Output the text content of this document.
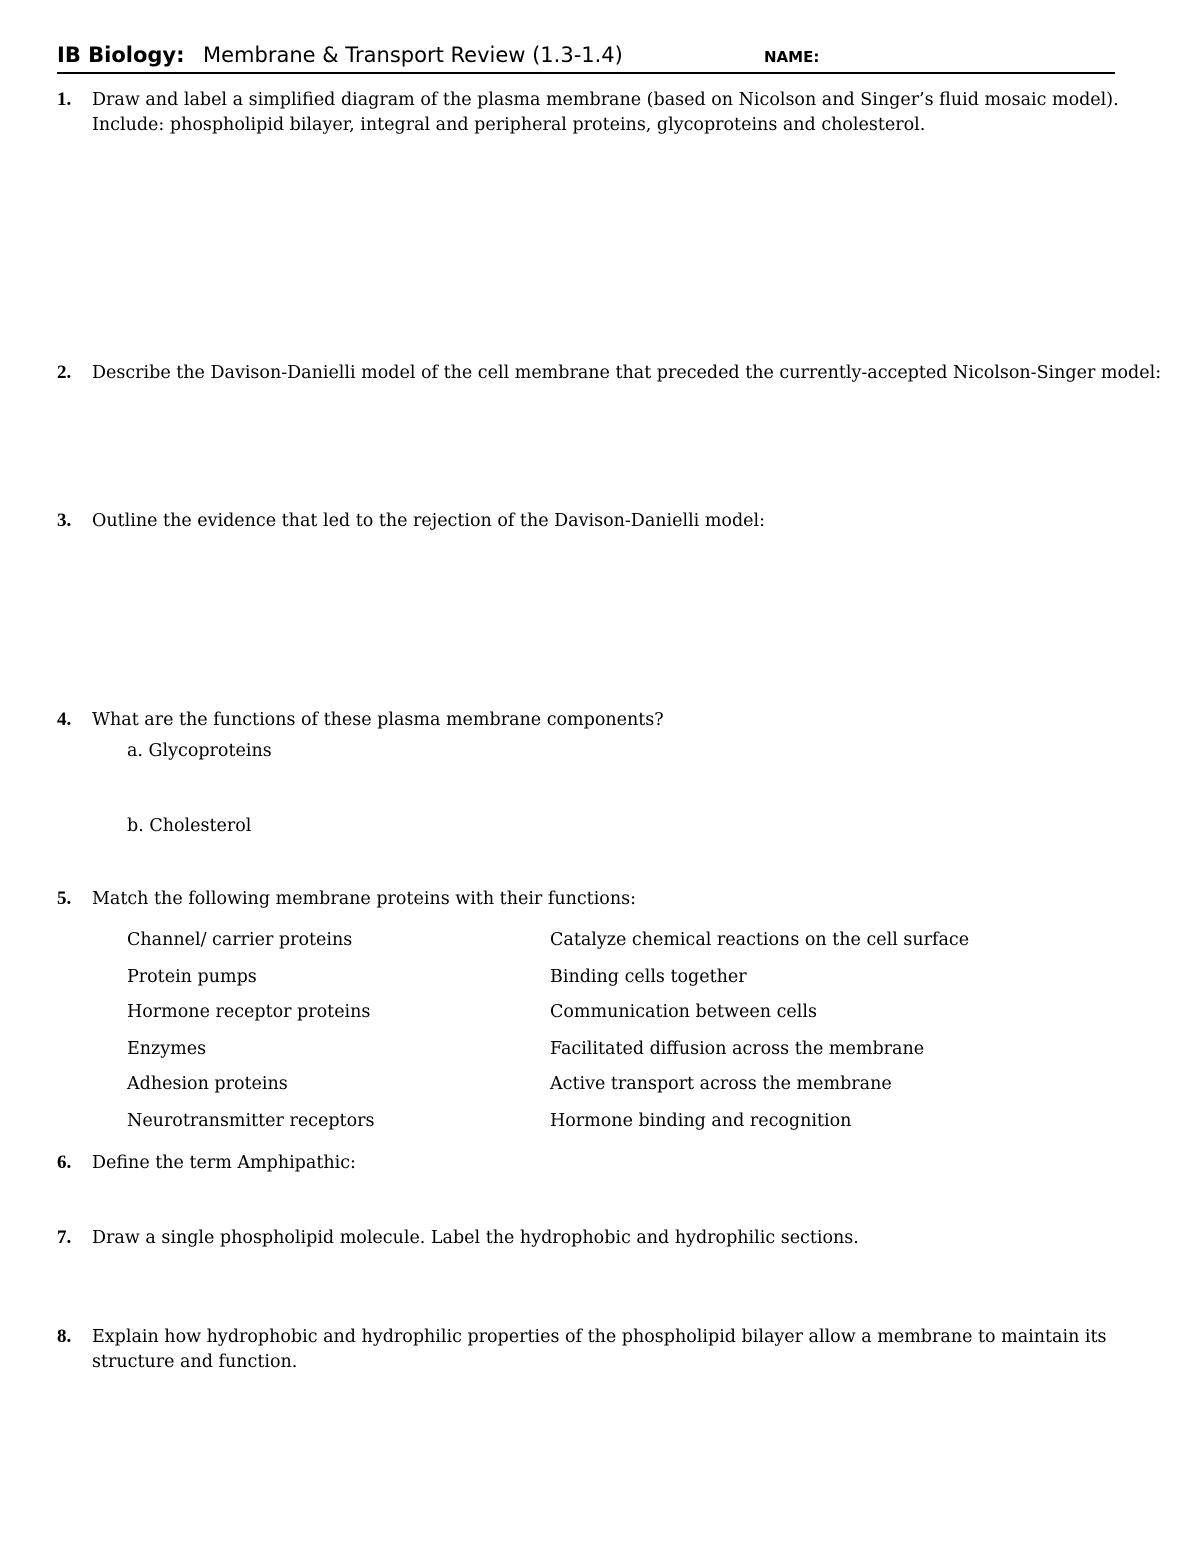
IB Biology: Membrane & Transport Review (1.3-1.4)	NAME:
1. Draw and label a simplified diagram of the plasma membrane (based on Nicolson and Singer’s fluid mosaic model).
Include: phospholipid bilayer, integral and peripheral proteins, glycoproteins and cholesterol.
2. Describe the Davison-Danielli model of the cell membrane that preceded the currently-accepted Nicolson-Singer model:
3. Outline the evidence that led to the rejection of the Davison-Danielli model:
4. What are the functions of these plasma membrane components?
a. Glycoproteins
b. Cholesterol
5. Match the following membrane proteins with their functions:
Channel/ carrier proteins
Protein pumps
Hormone receptor proteins
Enzymes
Adhesion proteins
Neurotransmitter receptors
Catalyze chemical reactions on the cell surface
Binding cells together
Communication between cells
Facilitated diffusion across the membrane
Active transport across the membrane
Hormone binding and recognition
6. Define the term Amphipathic:
7. Draw a single phospholipid molecule. Label the hydrophobic and hydrophilic sections.
8. Explain how hydrophobic and hydrophilic properties of the phospholipid bilayer allow a membrane to maintain its
structure and function.
